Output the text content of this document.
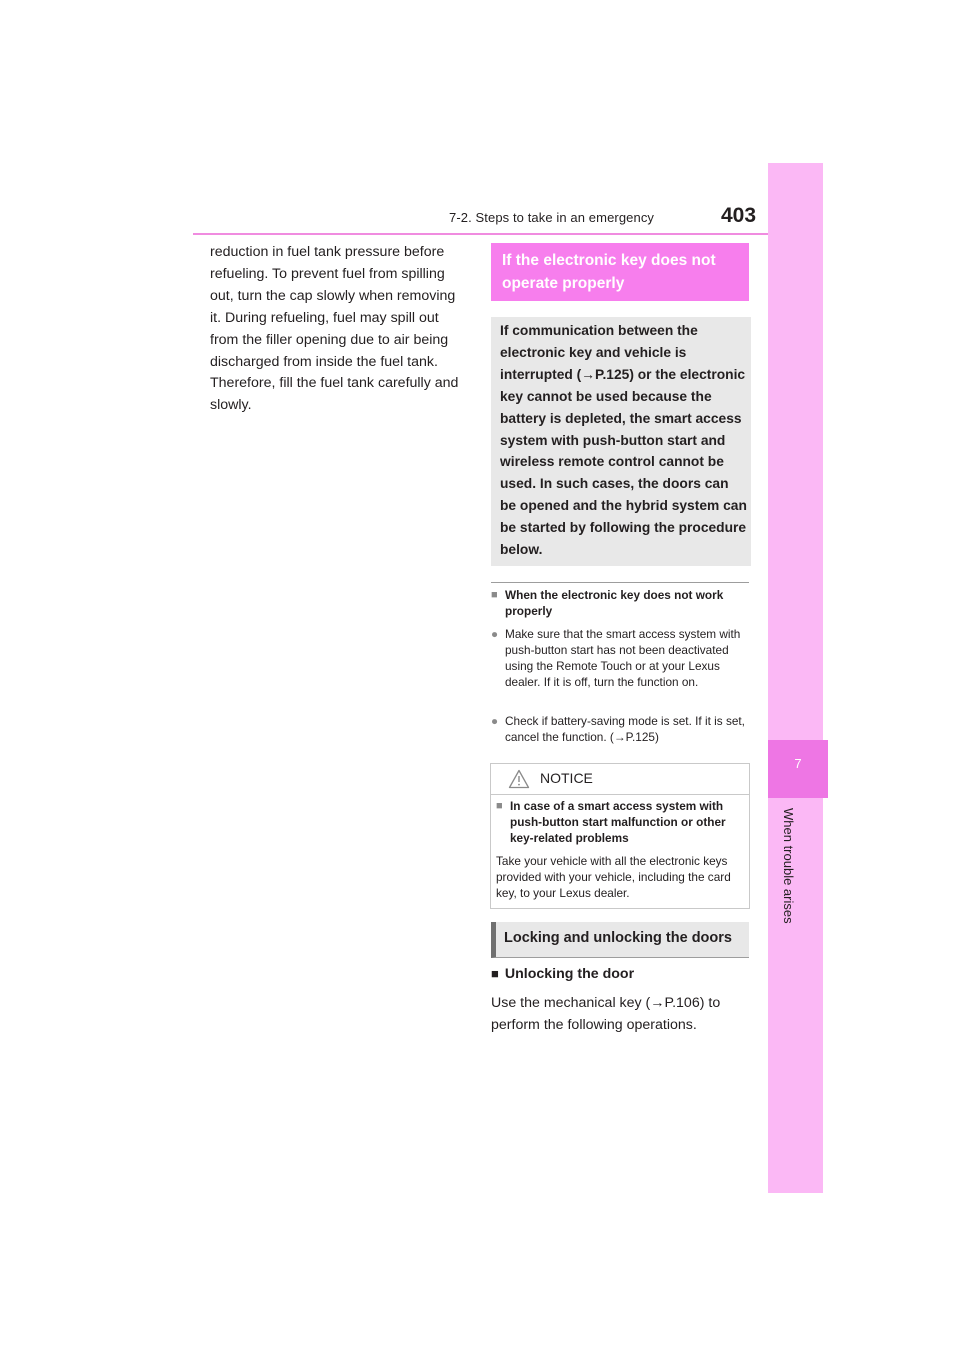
7-2. Steps to take in an emergency	403
7
When trouble arises

reduction in fuel tank pressure before refueling. To prevent fuel from spilling out, turn the cap slowly when removing it. During refueling, fuel may spill out from the filler opening due to air being discharged from inside the fuel tank. Therefore, fill the fuel tank carefully and slowly.

If the electronic key does not operate properly

If communication between the electronic key and vehicle is interrupted (→P.125) or the electronic key cannot be used because the battery is depleted, the smart access system with push-button start and wireless remote control cannot be used. In such cases, the doors can be opened and the hybrid system can be started by following the procedure below.

■ When the electronic key does not work properly
● Make sure that the smart access system with push-button start has not been deactivated using the Remote Touch or at your Lexus dealer. If it is off, turn the function on.
● Check if battery-saving mode is set. If it is set, cancel the function. (→P.125)
NOTICE
■ In case of a smart access system with push-button start malfunction or other key-related problems

Take your vehicle with all the electronic keys provided with your vehicle, including the card key, to your Lexus dealer.

Locking and unlocking the doors
■ Unlocking the door

Use the mechanical key (→P.106) to perform the following operations.
